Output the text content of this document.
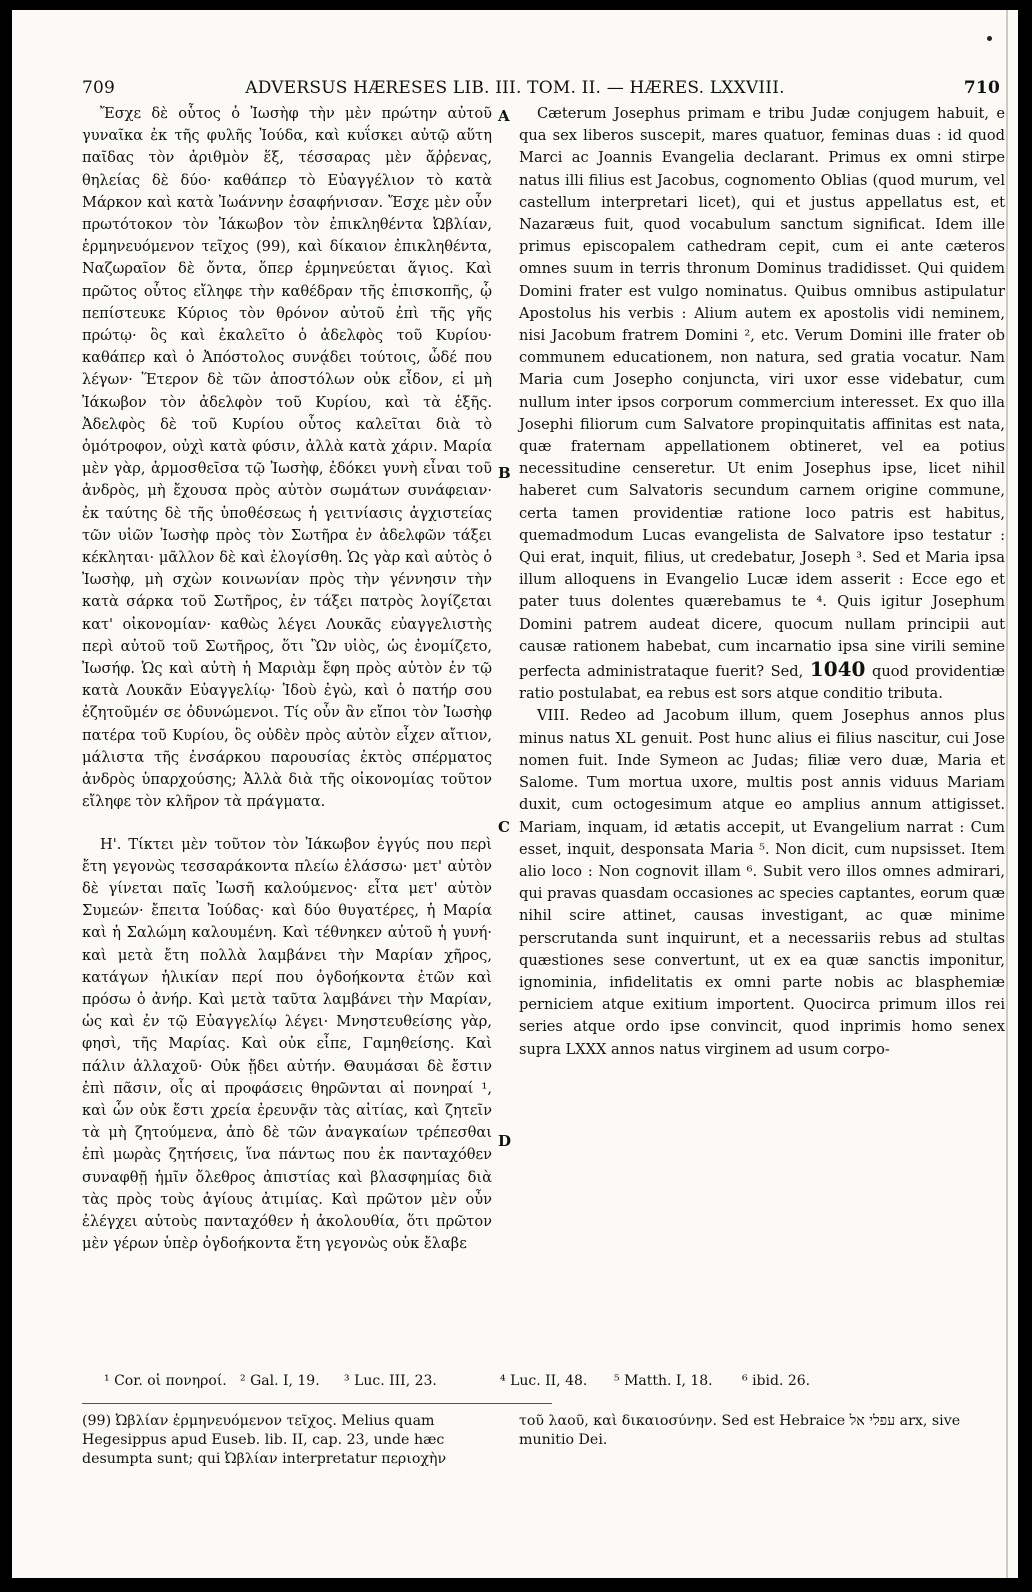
709	ADVERSUS HÆRESES LIB. III. TOM. II. — HÆRES. LXXVIII.	710
A
B
C
D

Ἔσχε δὲ οὗτος ὁ Ἰωσὴφ τὴν μὲν πρώτην αὐτοῦ γυναῖκα ἐκ τῆς φυλῆς Ἰούδα, καὶ κυΐσκει αὐτῷ αὕτη παῖδας τὸν ἀριθμὸν ἕξ, τέσσαρας μὲν ἄῤῥενας, θηλείας δὲ δύο· καθάπερ τὸ Εὐαγγέλιον τὸ κατὰ Μάρκον καὶ κατὰ Ἰωάννην ἐσαφήνισαν. Ἔσχε μὲν οὖν πρωτότοκον τὸν Ἰάκωβον τὸν ἐπικληθέντα Ὠβλίαν, ἑρμηνευόμενον τεῖχος (99), καὶ δίκαιον ἐπικληθέντα, Ναζωραῖον δὲ ὄντα, ὅπερ ἑρμηνεύεται ἅγιος. Καὶ πρῶτος οὗτος εἴληφε τὴν καθέδραν τῆς ἐπισκοπῆς, ᾧ πεπίστευκε Κύριος τὸν θρόνον αὐτοῦ ἐπὶ τῆς γῆς πρώτῳ· ὃς καὶ ἐκαλεῖτο ὁ ἀδελφὸς τοῦ Κυρίου· καθάπερ καὶ ὁ Ἀπόστολος συνᾴδει τούτοις, ὧδέ που λέγων· Ἕτερον δὲ τῶν ἀποστόλων οὐκ εἶδον, εἰ μὴ Ἰάκωβον τὸν ἀδελφὸν τοῦ Κυρίου, καὶ τὰ ἑξῆς. Ἀδελφὸς δὲ τοῦ Κυρίου οὗτος καλεῖται διὰ τὸ ὁμότροφον, οὐχὶ κατὰ φύσιν, ἀλλὰ κατὰ χάριν. Μαρία μὲν γὰρ, ἁρμοσθεῖσα τῷ Ἰωσὴφ, ἐδόκει γυνὴ εἶναι τοῦ ἀνδρὸς, μὴ ἔχουσα πρὸς αὐτὸν σωμάτων συνάφειαν· ἐκ ταύτης δὲ τῆς ὑποθέσεως ἡ γειτνίασις ἀγχιστείας τῶν υἱῶν Ἰωσὴφ πρὸς τὸν Σωτῆρα ἐν ἀδελφῶν τάξει κέκληται· μᾶλλον δὲ καὶ ἐλογίσθη. Ὡς γὰρ καὶ αὐτὸς ὁ Ἰωσὴφ, μὴ σχὼν κοινωνίαν πρὸς τὴν γέννησιν τὴν κατὰ σάρκα τοῦ Σωτῆρος, ἐν τάξει πατρὸς λογίζεται κατ' οἰκονομίαν· καθὼς λέγει Λουκᾶς εὐαγγελιστὴς περὶ αὐτοῦ τοῦ Σωτῆρος, ὅτι Ὢν υἱὸς, ὡς ἐνομίζετο, Ἰωσήφ. Ὡς καὶ αὐτὴ ἡ Μαριὰμ ἔφη πρὸς αὐτὸν ἐν τῷ κατὰ Λουκᾶν Εὐαγγελίῳ· Ἰδοὺ ἐγὼ, καὶ ὁ πατήρ σου ἐζητοῦμέν σε ὀδυνώμενοι. Τίς οὖν ἂν εἴποι τὸν Ἰωσὴφ πατέρα τοῦ Κυρίου, ὃς οὐδὲν πρὸς αὐτὸν εἶχεν αἴτιον, μάλιστα τῆς ἐνσάρκου παρουσίας ἐκτὸς σπέρματος ἀνδρὸς ὑπαρχούσης; Ἀλλὰ διὰ τῆς οἰκονομίας τοῦτον εἴληφε τὸν κλῆρον τὰ πράγματα.

Η'. Τίκτει μὲν τοῦτον τὸν Ἰάκωβον ἐγγύς που περὶ ἔτη γεγονὼς τεσσαράκοντα πλείω ἐλάσσω· μετ' αὐτὸν δὲ γίνεται παῖς Ἰωσῆ καλούμενος· εἶτα μετ' αὐτὸν Συμεών· ἔπειτα Ἰούδας· καὶ δύο θυγατέρες, ἡ Μαρία καὶ ἡ Σαλώμη καλουμένη. Καὶ τέθνηκεν αὐτοῦ ἡ γυνή· καὶ μετὰ ἔτη πολλὰ λαμβάνει τὴν Μαρίαν χῆρος, κατάγων ἡλικίαν περί που ὀγδοήκοντα ἐτῶν καὶ πρόσω ὁ ἀνήρ. Καὶ μετὰ ταῦτα λαμβάνει τὴν Μαρίαν, ὡς καὶ ἐν τῷ Εὐαγγελίῳ λέγει· Μνηστευθείσης γὰρ, φησὶ, τῆς Μαρίας. Καὶ οὐκ εἶπε, Γαμηθείσης. Καὶ πάλιν ἀλλαχοῦ· Οὐκ ᾔδει αὐτήν. Θαυμάσαι δὲ ἔστιν ἐπὶ πᾶσιν, οἷς αἱ προφάσεις θηρῶνται αἱ πονηραί ¹, καὶ ὧν οὐκ ἔστι χρεία ἐρευνᾷν τὰς αἰτίας, καὶ ζητεῖν τὰ μὴ ζητούμενα, ἀπὸ δὲ τῶν ἀναγκαίων τρέπεσθαι ἐπὶ μωρὰς ζητήσεις, ἵνα πάντως που ἐκ πανταχόθεν συναφθῇ ἡμῖν ὄλεθρος ἀπιστίας καὶ βλασφημίας διὰ τὰς πρὸς τοὺς ἁγίους ἀτιμίας. Καὶ πρῶτον μὲν οὖν ἐλέγχει αὐτοὺς πανταχόθεν ἡ ἀκολουθία, ὅτι πρῶτον μὲν γέρων ὑπὲρ ὀγδοήκοντα ἔτη γεγονὼς οὐκ ἔλαβε

Cæterum Josephus primam e tribu Judæ conjugem habuit, e qua sex liberos suscepit, mares quatuor, feminas duas : id quod Marci ac Joannis Evangelia declarant. Primus ex omni stirpe natus illi filius est Jacobus, cognomento Oblias (quod murum, vel castellum interpretari licet), qui et justus appellatus est, et Nazaræus fuit, quod vocabulum sanctum significat. Idem ille primus episcopalem cathedram cepit, cum ei ante cæteros omnes suum in terris thronum Dominus tradidisset. Qui quidem Domini frater est vulgo nominatus. Quibus omnibus astipulatur Apostolus his verbis : Alium autem ex apostolis vidi neminem, nisi Jacobum fratrem Domini ², etc. Verum Domini ille frater ob communem educationem, non natura, sed gratia vocatur. Nam Maria cum Josepho conjuncta, viri uxor esse videbatur, cum nullum inter ipsos corporum commercium interesset. Ex quo illa Josephi filiorum cum Salvatore propinquitatis affinitas est nata, quæ fraternam appellationem obtineret, vel ea potius necessitudine censeretur. Ut enim Josephus ipse, licet nihil haberet cum Salvatoris secundum carnem origine commune, certa tamen providentiæ ratione loco patris est habitus, quemadmodum Lucas evangelista de Salvatore ipso testatur : Qui erat, inquit, filius, ut credebatur, Joseph ³. Sed et Maria ipsa illum alloquens in Evangelio Lucæ idem asserit : Ecce ego et pater tuus dolentes quærebamus te ⁴. Quis igitur Josephum Domini patrem audeat dicere, quocum nullam principii aut causæ rationem habebat, cum incarnatio ipsa sine virili semine perfecta administrataque fuerit? Sed, 1040 quod providentiæ ratio postulabat, ea rebus est sors atque conditio tributa.

VIII. Redeo ad Jacobum illum, quem Josephus annos plus minus natus XL genuit. Post hunc alius ei filius nascitur, cui Jose nomen fuit. Inde Symeon ac Judas; filiæ vero duæ, Maria et Salome. Tum mortua uxore, multis post annis viduus Mariam duxit, cum octogesimum atque eo amplius annum attigisset. Mariam, inquam, id ætatis accepit, ut Evangelium narrat : Cum esset, inquit, desponsata Maria ⁵. Non dicit, cum nupsisset. Item alio loco : Non cognovit illam ⁶. Subit vero illos omnes admirari, qui pravas quasdam occasiones ac species captantes, eorum quæ nihil scire attinet, causas investigant, ac quæ minime perscrutanda sunt inquirunt, et a necessariis rebus ad stultas quæstiones sese convertunt, ut ex ea quæ sanctis imponitur, ignominia, infidelitatis ex omni parte nobis ac blasphemiæ perniciem atque exitium importent. Quocirca primum illos rei series atque ordo ipse convincit, quod inprimis homo senex supra LXXX annos natus virginem ad usum corpo-

¹ Cor. οἱ πονηροί. ² Gal. I, 19. ³ Luc. III, 23.	⁴ Luc. II, 48. ⁵ Matth. I, 18. ⁶ ibid. 26.

(99) Ὠβλίαν ἑρμηνευόμενον τεῖχος. Melius quam Hegesippus apud Euseb. lib. II, cap. 23, unde hæc desumpta sunt; qui Ὠβλίαν interpretatur περιοχὴν

τοῦ λαοῦ, καὶ δικαιοσύνην. Sed est Hebraice עפלי אל arx, sive munitio Dei.
